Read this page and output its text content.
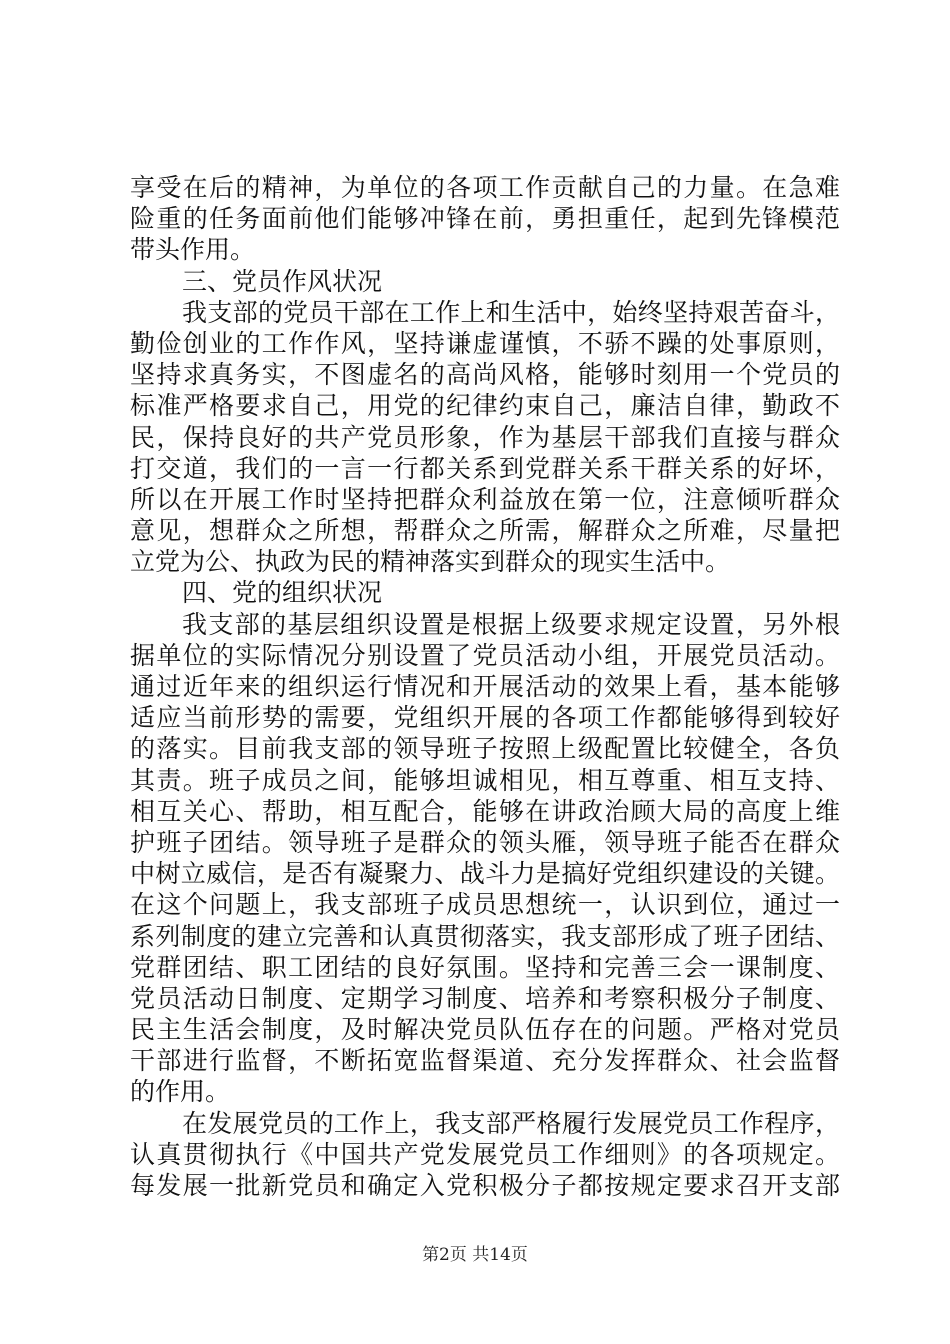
享受在后的精神，为单位的各项工作贡献自己的力量。在急难
险重的任务面前他们能够冲锋在前，勇担重任，起到先锋模范
带头作用。
三、党员作风状况
我支部的党员干部在工作上和生活中，始终坚持艰苦奋斗，
勤俭创业的工作作风，坚持谦虚谨慎，不骄不躁的处事原则，
坚持求真务实，不图虚名的高尚风格，能够时刻用一个党员的
标准严格要求自己，用党的纪律约束自己，廉洁自律，勤政不
民，保持良好的共产党员形象，作为基层干部我们直接与群众
打交道，我们的一言一行都关系到党群关系干群关系的好坏，
所以在开展工作时坚持把群众利益放在第一位，注意倾听群众
意见，想群众之所想，帮群众之所需，解群众之所难，尽量把
立党为公、执政为民的精神落实到群众的现实生活中。
四、党的组织状况
我支部的基层组织设置是根据上级要求规定设置，另外根
据单位的实际情况分别设置了党员活动小组，开展党员活动。
通过近年来的组织运行情况和开展活动的效果上看，基本能够
适应当前形势的需要，党组织开展的各项工作都能够得到较好
的落实。目前我支部的领导班子按照上级配置比较健全，各负
其责。班子成员之间，能够坦诚相见，相互尊重、相互支持、
相互关心、帮助，相互配合，能够在讲政治顾大局的高度上维
护班子团结。领导班子是群众的领头雁，领导班子能否在群众
中树立威信，是否有凝聚力、战斗力是搞好党组织建设的关键。
在这个问题上，我支部班子成员思想统一，认识到位，通过一
系列制度的建立完善和认真贯彻落实，我支部形成了班子团结、
党群团结、职工团结的良好氛围。坚持和完善三会一课制度、
党员活动日制度、定期学习制度、培养和考察积极分子制度、
民主生活会制度，及时解决党员队伍存在的问题。严格对党员
干部进行监督，不断拓宽监督渠道、充分发挥群众、社会监督
的作用。
在发展党员的工作上，我支部严格履行发展党员工作程序，
认真贯彻执行《中国共产党发展党员工作细则》的各项规定。
每发展一批新党员和确定入党积极分子都按规定要求召开支部
第2页 共14页
